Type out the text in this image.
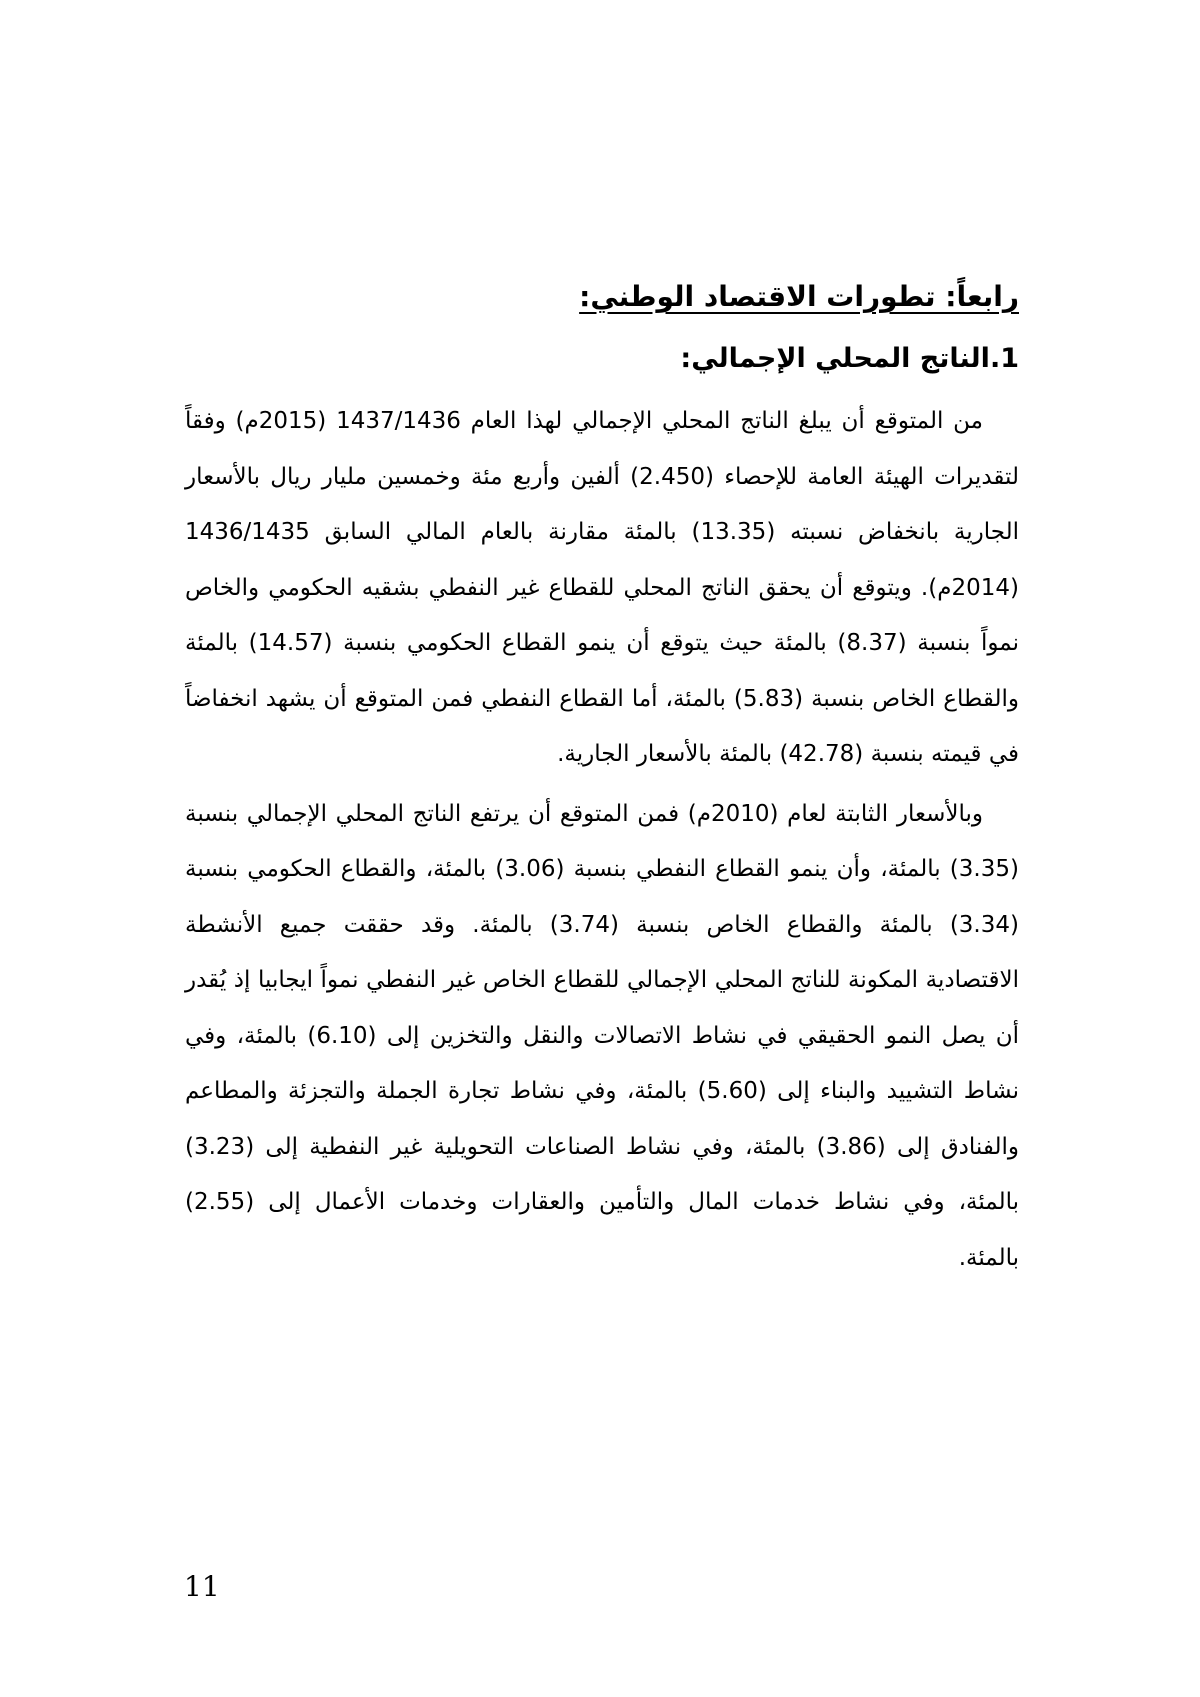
رابعاً: تطورات الاقتصاد الوطني:
1.الناتج المحلي الإجمالي:

من المتوقع أن يبلغ الناتج المحلي الإجمالي لهذا العام 1437/1436 (2015م) وفقاً لتقديرات الهيئة العامة للإحصاء (2.450) ألفين وأربع مئة وخمسين مليار ريال بالأسعار الجارية بانخفاض نسبته (13.35) بالمئة مقارنة بالعام المالي السابق 1436/1435 (2014م). ويتوقع أن يحقق الناتج المحلي للقطاع غير النفطي بشقيه الحكومي والخاص نمواً بنسبة (8.37) بالمئة حيث يتوقع أن ينمو القطاع الحكومي بنسبة (14.57) بالمئة والقطاع الخاص بنسبة (5.83) بالمئة، أما القطاع النفطي فمن المتوقع أن يشهد انخفاضاً في قيمته بنسبة (42.78) بالمئة بالأسعار الجارية.

وبالأسعار الثابتة لعام (2010م) فمن المتوقع أن يرتفع الناتج المحلي الإجمالي بنسبة (3.35) بالمئة، وأن ينمو القطاع النفطي بنسبة (3.06) بالمئة، والقطاع الحكومي بنسبة (3.34) بالمئة والقطاع الخاص بنسبة (3.74) بالمئة. وقد حققت جميع الأنشطة الاقتصادية المكونة للناتج المحلي الإجمالي للقطاع الخاص غير النفطي نمواً ايجابيا إذ يُقدر أن يصل النمو الحقيقي في نشاط الاتصالات والنقل والتخزين إلى (6.10) بالمئة، وفي نشاط التشييد والبناء إلى (5.60) بالمئة، وفي نشاط تجارة الجملة والتجزئة والمطاعم والفنادق إلى (3.86) بالمئة، وفي نشاط الصناعات التحويلية غير النفطية إلى (3.23) بالمئة، وفي نشاط خدمات المال والتأمين والعقارات وخدمات الأعمال إلى (2.55) بالمئة.

11
